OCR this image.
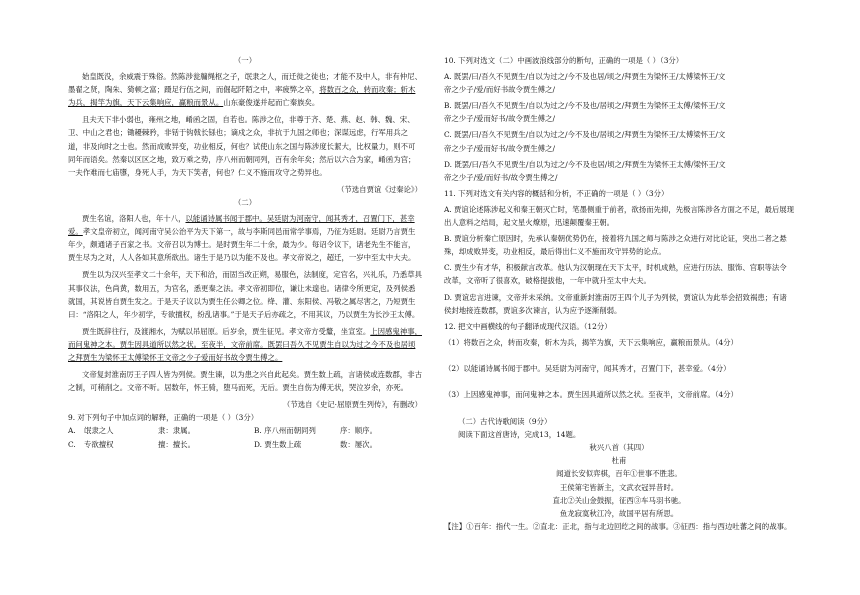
（一）

始皇既没，余威震于殊俗。然陈涉瓮牖绳枢之子，氓隶之人，而迁徙之徒也；才能不及中人，非有仲尼、墨翟之贤，陶朱、猗顿之富；蹑足行伍之间，而倔起阡陌之中，率疲弊之卒，将数百之众，转而攻秦；斩木为兵，揭竿为旗，天下云集响应，赢粮而景从。山东豪俊遂并起而亡秦族矣。

且夫天下非小弱也，雍州之地，崤函之固，自若也。陈涉之位，非尊于齐、楚、燕、赵、韩、魏、宋、卫、中山之君也；锄耰棘矜，非铦于钩戟长铩也；谪戍之众，非抗于九国之师也；深谋远虑，行军用兵之道，非及向时之士也。然而成败异变，功业相反，何也？试使山东之国与陈涉度长絜大，比权量力，则不可同年而语矣。然秦以区区之地，致万乘之势，序八州而朝同列，百有余年矣；然后以六合为家，崤函为宫；一夫作难而七庙隳，身死人手，为天下笑者，何也？仁义不施而攻守之势异也。

（节选自贾谊《过秦论》）

（二）

贾生名谊，洛阳人也，年十八，以能诵诗属书闻于郡中。吴廷尉为河南守，闻其秀才，召置门下，甚幸爱。孝文皇帝初立，闻河南守吴公治平为天下第一，故与李斯同邑而常学事焉，乃征为廷尉。廷尉乃言贾生年少，颇通诸子百家之书。文帝召以为博士。是时贾生年二十余，最为少。每诏令议下，诸老先生不能言，贾生尽为之对，人人各如其意所欲出。诸生于是乃以为能不及也。孝文帝说之，超迁，一岁中至太中大夫。

贾生以为汉兴至孝文二十余年，天下和洽，而固当改正朔，易服色，法制度，定官名，兴礼乐，乃悉草具其事仪法，色尚黄，数用五，为官名，悉更秦之法。孝文帝初即位，谦让未遑也。诸律令所更定，及列侯悉就国，其说皆自贾生发之。于是天子议以为贾生任公卿之位。绛、灌、东阳侯、冯敬之属尽害之，乃短贾生曰：“洛阳之人，年少初学，专欲擅权，纷乱诸事。”于是天子后亦疏之，不用其议，乃以贾生为长沙王太傅。

贾生既辞往行，及渡湘水，为赋以吊屈原。后岁余，贾生征见。孝文帝方受釐，坐宣室。上因感鬼神事，而问鬼神之本。贾生因具道所以然之状。至夜半，文帝前席。既罢曰吾久不见贾生自以为过之今不及也居顷之拜贾生为梁怀王太傅梁怀王文帝之少子爱而好书故令贾生傅之。

文帝复封淮南厉王子四人皆为列侯。贾生谏，以为患之兴自此起矣。贾生数上疏，言诸侯或连数郡，非古之制，可稍削之。文帝不听。居数年，怀王骑，堕马而死，无后。贾生自伤为傅无状，哭泣岁余，亦死。

（节选自《史记·屈原贾生列传》，有删改）

9. 对下列句子中加点词的解释，正确的一项是（ ）（3分）

A.	氓隶之人	隶：隶属。	B. 序八州而朝同列	序：顺序。
C.	专欲擅权	擅：擅长。	D. 贾生数上疏	数：屡次。

10. 下列对选文（二）中画波浪线部分的断句，正确的一项是（ ）（3分）

A. 既罢/曰/吾久不见贾生/自以为过之/今不及也居/顷之/拜贾生为梁怀王/太傅梁怀王/文

帝之少子/爱/而好书故令贾生傅之/

B. 既罢/曰/吾久不见贾生/自以为过之/今不及也/居顷之/拜贾生为梁怀王太傅/梁怀王/文

帝之少子/爱而好书/故令贾生傅之/

C. 既罢/曰/吾久不见贾生/自以为过之/今不及也/居顷之/拜贾生为梁怀王/太傅梁怀王/文

帝之少子/爱而好书/故令贾生傅之/

D. 既罢/曰/吾久不见贾生/自以为过之/今不及也居/顷之/拜贾生为梁怀王太傅/梁怀王/文

帝之少子/爱/而好书/故令贾生傅之/

11. 下列对选文有关内容的概括和分析，不正确的一项是（ ）（3分）

A. 贾谊论述陈涉起义和秦王朝灭亡时，笔墨侧重于前者，欲扬而先抑，先极言陈涉各方面之不足，最后展现出人意料之结局，起文星火燎原，迅速颠覆秦王朝。

B. 贾谊分析秦亡原因时，先承认秦朝优势仍在，接着将九国之师与陈涉之众进行对比论证，突出二者之悬殊，却成败异变，功业相反，最后得出仁义不施而攻守异势的论点。

C. 贾生少有才华，积极献言改革。他认为汉朝现在天下太平，时机成熟，应进行历法、服饰、官职等法令改革，文帝听了很喜欢，破格提拔他，一年中就升至太中大夫。

D. 贾谊忠言进谏，文帝并未采纳。文帝重新封淮南厉王四个儿子为列侯，贾谊认为此举会招致祸患；有诸侯封地接连数郡，贾谊多次谏言，认为应予逐渐削弱。

12. 把文中画横线的句子翻译成现代汉语。（12分）

（1）将数百之众，转而攻秦，斩木为兵，揭竿为旗，天下云集响应，赢粮而景从。（4分）

（2）以能诵诗属书闻于郡中。吴廷尉为河南守，闻其秀才，召置门下，甚幸爱。（4分）

（3）上因感鬼神事，而问鬼神之本。贾生因具道所以然之状。至夜半，文帝前席。（4分）

（二）古代诗歌阅读（9分）

阅读下面这首唐诗，完成13，14题。

秋兴八首（其四）

杜甫

闻道长安似弈棋，百年①世事不胜悲。

王侯第宅皆新主，文武衣冠异昔时。

直北②关山金鼓振，征西③车马羽书驰。

鱼龙寂寞秋江冷，故国平居有所思。

【注】①百年：指代一生。②直北：正北，指与北边回纥之间的战事。③征西：指与西边吐蕃之间的战事。
